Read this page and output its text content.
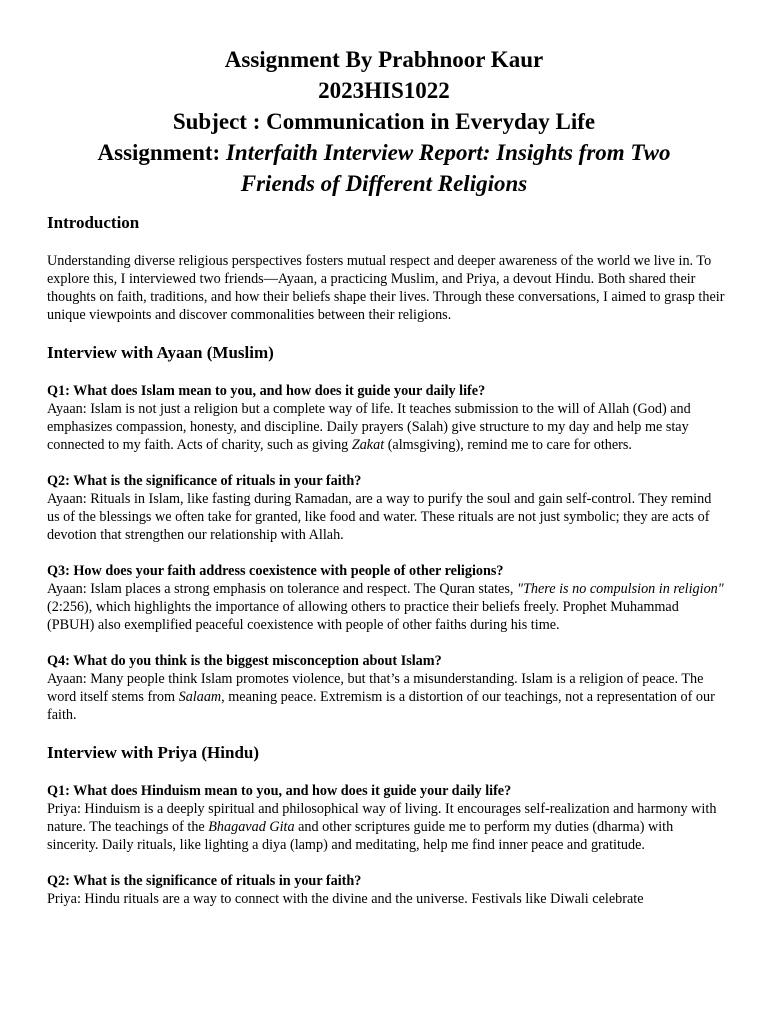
Assignment By Prabhnoor Kaur
2023HIS1022
Subject : Communication in Everyday Life
Assignment: Interfaith Interview Report: Insights from Two
Friends of Different Religions
Introduction

Understanding diverse religious perspectives fosters mutual respect and deeper awareness of the world we live in. To explore this, I interviewed two friends—Ayaan, a practicing Muslim, and Priya, a devout Hindu. Both shared their thoughts on faith, traditions, and how their beliefs shape their lives. Through these conversations, I aimed to grasp their unique viewpoints and discover commonalities between their religions.

Interview with Ayaan (Muslim)

Q1: What does Islam mean to you, and how does it guide your daily life?
Ayaan: Islam is not just a religion but a complete way of life. It teaches submission to the will of Allah (God) and emphasizes compassion, honesty, and discipline. Daily prayers (Salah) give structure to my day and help me stay connected to my faith. Acts of charity, such as giving Zakat (almsgiving), remind me to care for others.

Q2: What is the significance of rituals in your faith?
Ayaan: Rituals in Islam, like fasting during Ramadan, are a way to purify the soul and gain self-control. They remind us of the blessings we often take for granted, like food and water. These rituals are not just symbolic; they are acts of devotion that strengthen our relationship with Allah.

Q3: How does your faith address coexistence with people of other religions?
Ayaan: Islam places a strong emphasis on tolerance and respect. The Quran states, "There is no compulsion in religion" (2:256), which highlights the importance of allowing others to practice their beliefs freely. Prophet Muhammad (PBUH) also exemplified peaceful coexistence with people of other faiths during his time.

Q4: What do you think is the biggest misconception about Islam?
Ayaan: Many people think Islam promotes violence, but that’s a misunderstanding. Islam is a religion of peace. The word itself stems from Salaam, meaning peace. Extremism is a distortion of our teachings, not a representation of our faith.

Interview with Priya (Hindu)

Q1: What does Hinduism mean to you, and how does it guide your daily life?
Priya: Hinduism is a deeply spiritual and philosophical way of living. It encourages self-realization and harmony with nature. The teachings of the Bhagavad Gita and other scriptures guide me to perform my duties (dharma) with sincerity. Daily rituals, like lighting a diya (lamp) and meditating, help me find inner peace and gratitude.

Q2: What is the significance of rituals in your faith?
Priya: Hindu rituals are a way to connect with the divine and the universe. Festivals like Diwali celebrate
